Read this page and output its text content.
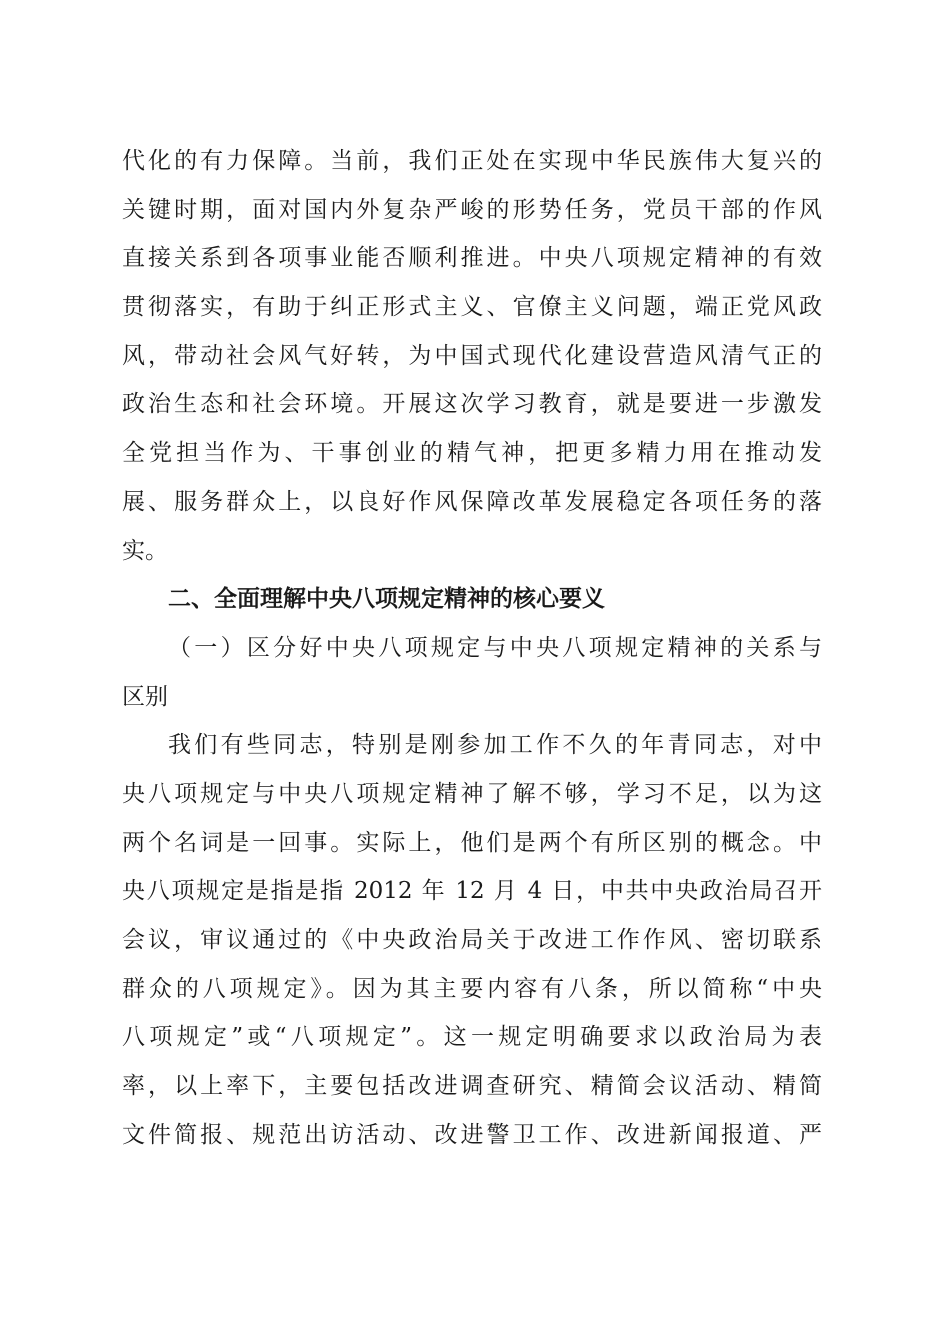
代化的有力保障。当前，我们正处在实现中华民族伟大复兴的
关键时期，面对国内外复杂严峻的形势任务，党员干部的作风
直接关系到各项事业能否顺利推进。中央八项规定精神的有效
贯彻落实，有助于纠正形式主义、官僚主义问题，端正党风政
风，带动社会风气好转，为中国式现代化建设营造风清气正的
政治生态和社会环境。开展这次学习教育，就是要进一步激发
全党担当作为、干事创业的精气神，把更多精力用在推动发
展、服务群众上，以良好作风保障改革发展稳定各项任务的落
实。
二、全面理解中央八项规定精神的核心要义
（一）区分好中央八项规定与中央八项规定精神的关系与
区别
我们有些同志，特别是刚参加工作不久的年青同志，对中
央八项规定与中央八项规定精神了解不够，学习不足，以为这
两个名词是一回事。实际上，他们是两个有所区别的概念。中
央八项规定是指是指 2012 年 12 月 4 日，中共中央政治局召开
会议，审议通过的《中央政治局关于改进工作作风、密切联系
群众的八项规定》。因为其主要内容有八条，所以简称“中央
八项规定”或“八项规定”。这一规定明确要求以政治局为表
率，以上率下，主要包括改进调查研究、精简会议活动、精简
文件简报、规范出访活动、改进警卫工作、改进新闻报道、严
